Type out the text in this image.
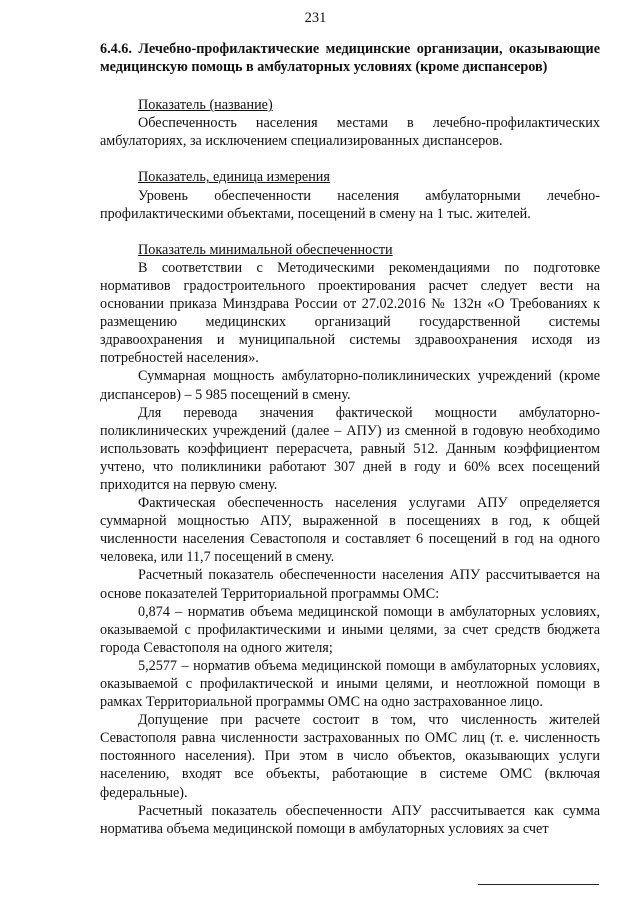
231
6.4.6. Лечебно-профилактические медицинские организации, оказывающие медицинскую помощь в амбулаторных условиях (кроме диспансеров)
Показатель (название)

Обеспеченность населения местами в лечебно-профилактических амбулаториях, за исключением специализированных диспансеров.

Показатель, единица измерения

Уровень обеспеченности населения амбулаторными лечебно-профилактическими объектами, посещений в смену на 1 тыс. жителей.

Показатель минимальной обеспеченности

В соответствии с Методическими рекомендациями по подготовке нормативов градостроительного проектирования расчет следует вести на основании приказа Минздрава России от 27.02.2016 № 132н «О Требованиях к размещению медицинских организаций государственной системы здравоохранения и муниципальной системы здравоохранения исходя из потребностей населения».

Суммарная мощность амбулаторно-поликлинических учреждений (кроме диспансеров) – 5 985 посещений в смену.

Для перевода значения фактической мощности амбулаторно-поликлинических учреждений (далее – АПУ) из сменной в годовую необходимо использовать коэффициент перерасчета, равный 512. Данным коэффициентом учтено, что поликлиники работают 307 дней в году и 60% всех посещений приходится на первую смену.

Фактическая обеспеченность населения услугами АПУ определяется суммарной мощностью АПУ, выраженной в посещениях в год, к общей численности населения Севастополя и составляет 6 посещений в год на одного человека, или 11,7 посещений в смену.

Расчетный показатель обеспеченности населения АПУ рассчитывается на основе показателей Территориальной программы ОМС:

0,874 – норматив объема медицинской помощи в амбулаторных условиях, оказываемой с профилактическими и иными целями, за счет средств бюджета города Севастополя на одного жителя;

5,2577 – норматив объема медицинской помощи в амбулаторных условиях, оказываемой с профилактической и иными целями, и неотложной помощи в рамках Территориальной программы ОМС на одно застрахованное лицо.

Допущение при расчете состоит в том, что численность жителей Севастополя равна численности застрахованных по ОМС лиц (т. е. численность постоянного населения). При этом в число объектов, оказывающих услуги населению, входят все объекты, работающие в системе ОМС (включая федеральные).

Расчетный показатель обеспеченности АПУ рассчитывается как сумма норматива объема медицинской помощи в амбулаторных условиях за счет
